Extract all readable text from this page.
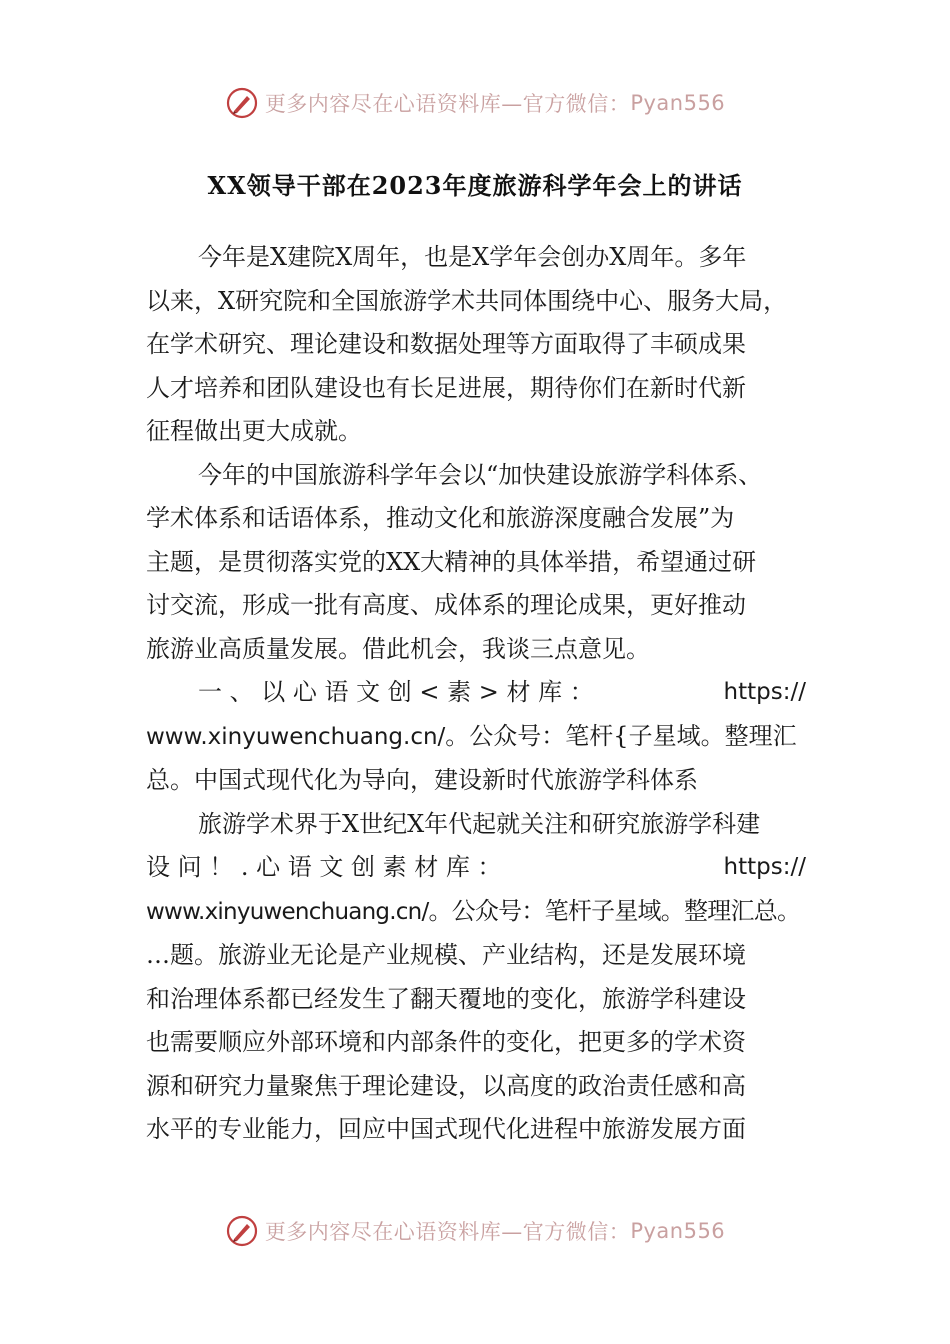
更多内容尽在心语资料库—官方微信： Pyan556
XX领导干部在2023年度旅游科学年会上的讲话

今年是X建院X周年，也是X学年会创办X周年。多年
以来，X研究院和全国旅游学术共同体围绕中心、服务大局，
在学术研究、理论建设和数据处理等方面取得了丰硕成果
人才培养和团队建设也有长足进展，期待你们在新时代新
征程做出更大成就。

今年的中国旅游科学年会以“加快建设旅游学科体系、
学术体系和话语体系，推动文化和旅游深度融合发展”为
主题，是贯彻落实党的XX大精神的具体举措，希望通过研
讨交流，形成一批有高度、成体系的理论成果，更好推动
旅游业高质量发展。借此机会，我谈三点意见。

一 、 以 心 语 文 创 < 素 > 材 库 ：	https://
www.xinyuwenchuang.cn/。公众号：笔杆{子星域。整理汇
总。中国式现代化为导向，建设新时代旅游学科体系

旅游学术界于X世纪X年代起就关注和研究旅游学科建
设 问 ！ . 心 语 文 创 素 材 库 ：	https://
www.xinyuwenchuang.cn/。公众号：笔杆子星域。整理汇总。
…题。旅游业无论是产业规模、产业结构，还是发展环境
和治理体系都已经发生了翻天覆地的变化，旅游学科建设
也需要顺应外部环境和内部条件的变化，把更多的学术资
源和研究力量聚焦于理论建设，以高度的政治责任感和高
水平的专业能力，回应中国式现代化进程中旅游发展方面

更多内容尽在心语资料库—官方微信： Pyan556
